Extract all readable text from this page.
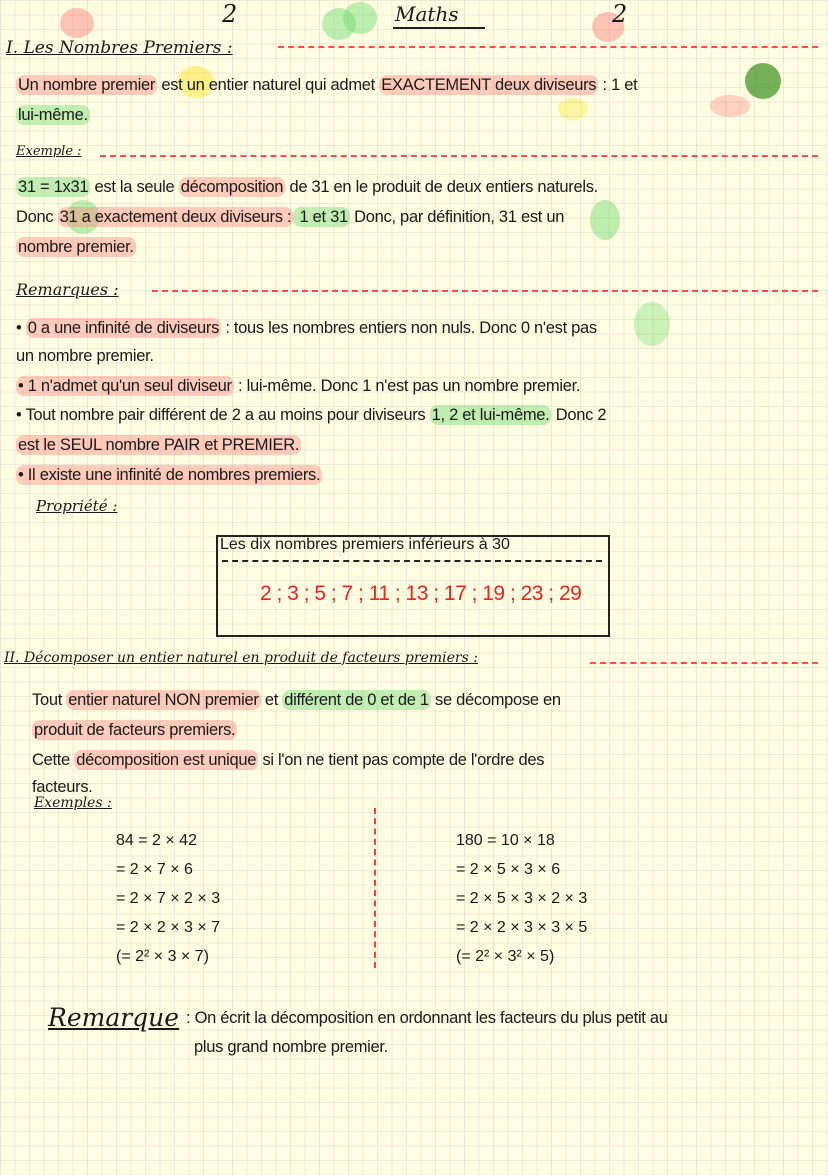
2	Maths	2
I. Les Nombres Premiers :
Un nombre premier est un entier naturel qui admet EXACTEMENT deux diviseurs : 1 et
lui-même.
Exemple :
31 = 1x31 est la seule décomposition de 31 en le produit de deux entiers naturels.
Donc 31 a exactement deux diviseurs : 1 et 31 Donc, par définition, 31 est un
nombre premier.
Remarques :
• 0 a une infinité de diviseurs : tous les nombres entiers non nuls. Donc 0 n'est pas
un nombre premier.
• 1 n'admet qu'un seul diviseur : lui-même. Donc 1 n'est pas un nombre premier.
• Tout nombre pair différent de 2 a au moins pour diviseurs 1, 2 et lui-même. Donc 2
est le SEUL nombre PAIR et PREMIER.
• Il existe une infinité de nombres premiers.
Propriété :
Les dix nombres premiers inférieurs à 30
2 ; 3 ; 5 ; 7 ; 11 ; 13 ; 17 ; 19 ; 23 ; 29
II. Décomposer un entier naturel en produit de facteurs premiers :
Tout entier naturel NON premier et différent de 0 et de 1 se décompose en
produit de facteurs premiers.
Cette décomposition est unique si l'on ne tient pas compte de l'ordre des
facteurs.
Exemples :
84 = 2 × 42
= 2 × 7 × 6
= 2 × 7 × 2 × 3
= 2 × 2 × 3 × 7
(= 2² × 3 × 7)
180 = 10 × 18
= 2 × 5 × 3 × 6
= 2 × 5 × 3 × 2 × 3
= 2 × 2 × 3 × 3 × 5
(= 2² × 3² × 5)
Remarque : On écrit la décomposition en ordonnant les facteurs du plus petit au
plus grand nombre premier.
